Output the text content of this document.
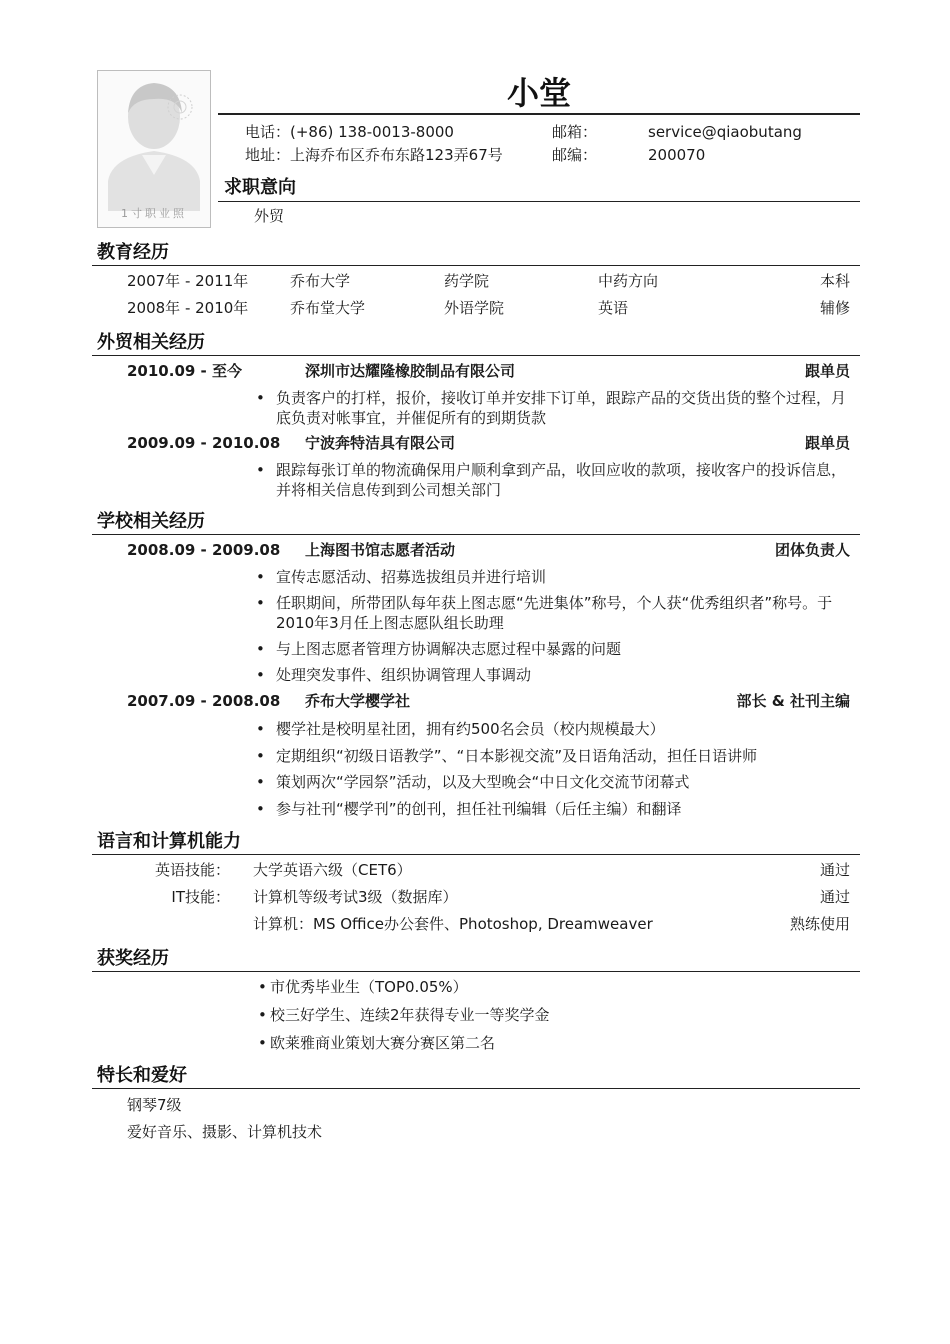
1寸职业照
小堂
电话：(+86) 138-0013-8000	邮箱：	service@qiaobutang
地址：上海乔布区乔布东路123弄67号	邮编：	200070
求职意向
外贸
教育经历
2007年 - 2011年	乔布大学	药学院	中药方向	本科
2008年 - 2010年	乔布堂大学	外语学院	英语	辅修
外贸相关经历
2010.09 - 至今	深圳市达耀隆橡胶制品有限公司	跟单员
• 负责客户的打样，报价，接收订单并安排下订单，跟踪产品的交货出货的整个过程，月底负责对帐事宜，并催促所有的到期货款
2009.09 - 2010.08 宁波奔特洁具有限公司	跟单员
• 跟踪每张订单的物流确保用户顺利拿到产品，收回应收的款项，接收客户的投诉信息，并将相关信息传到到公司想关部门
学校相关经历
2008.09 - 2009.08 上海图书馆志愿者活动	团体负责人
• 宣传志愿活动、招募选拔组员并进行培训
• 任职期间，所带团队每年获上图志愿“先进集体”称号，个人获“优秀组织者”称号。于2010年3月任上图志愿队组长助理
• 与上图志愿者管理方协调解决志愿过程中暴露的问题
• 处理突发事件、组织协调管理人事调动
2007.09 - 2008.08 乔布大学樱学社	部长 & 社刊主编
• 樱学社是校明星社团，拥有约500名会员（校内规模最大）
• 定期组织“初级日语教学”、“日本影视交流”及日语角活动，担任日语讲师
• 策划两次“学园祭”活动，以及大型晚会“中日文化交流节闭幕式
• 参与社刊“樱学刊”的创刊，担任社刊编辑（后任主编）和翻译
语言和计算机能力
英语技能： 大学英语六级（CET6）	通过
IT技能： 计算机等级考试3级（数据库）	通过
计算机：MS Office办公套件、Photoshop, Dreamweaver	熟练使用
获奖经历
• 市优秀毕业生（TOP0.05%）
• 校三好学生、连续2年获得专业一等奖学金
• 欧莱雅商业策划大赛分赛区第二名
特长和爱好
钢琴7级
爱好音乐、摄影、计算机技术
